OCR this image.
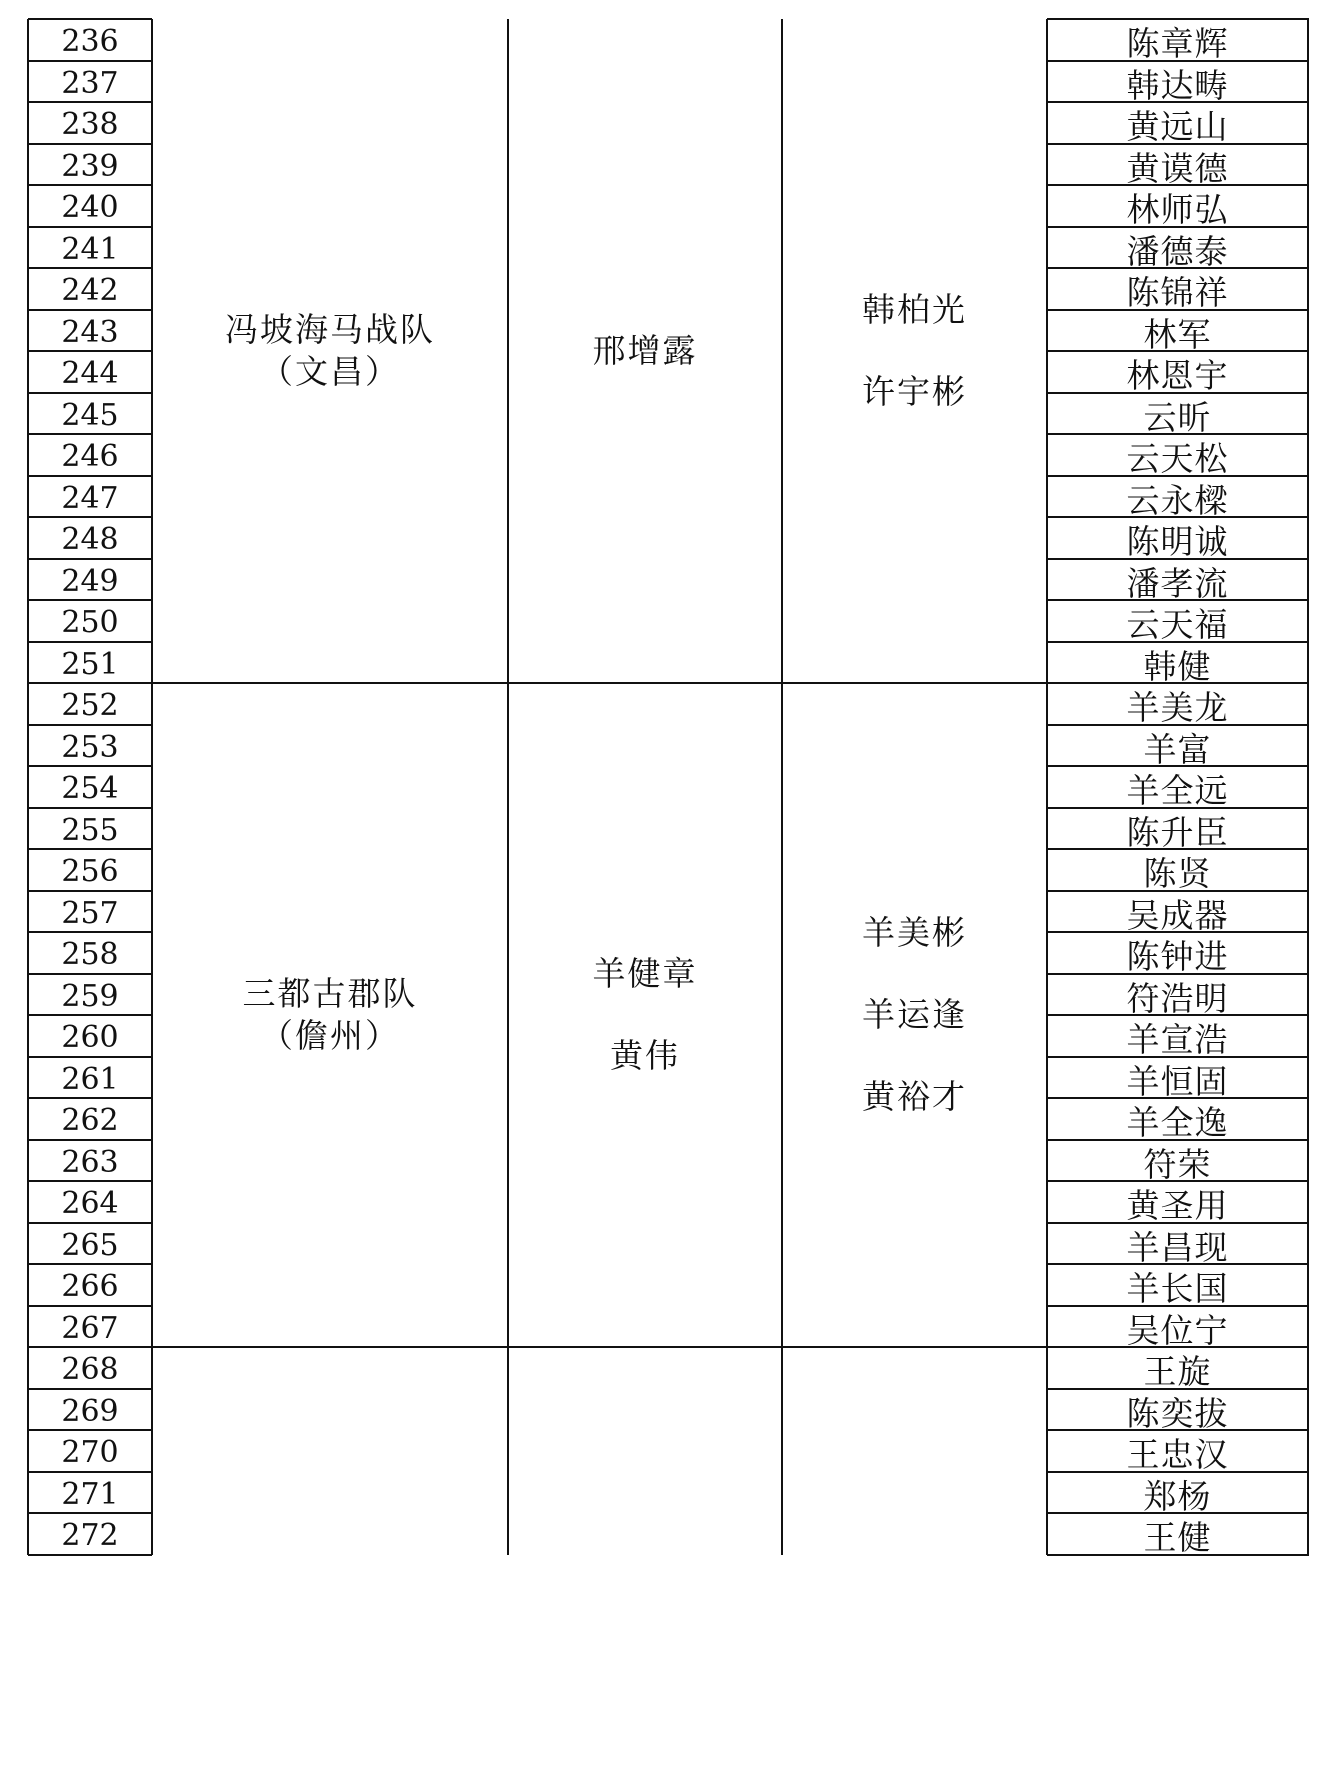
236
237
238
239
240
241
242
243
244
245
246
247
248
249
250
251
252
253
254
255
256
257
258
259
260
261
262
263
264
265
266
267
268
269
270
271
272
陈章辉
韩达畴
黄远山
黄谟德
林师弘
潘德泰
陈锦祥
林军
林恩宇
云昕
云天松
云永樑
陈明诚
潘孝流
云天福
韩健
羊美龙
羊富
羊全远
陈升臣
陈贤
吴成器
陈钟进
符浩明
羊宣浩
羊恒固
羊全逸
符荣
黄圣用
羊昌现
羊长国
吴位宁
王旋
陈奕拔
王忠汉
郑杨
王健
冯坡海马战队
（文昌）
邢增露
韩柏光
许宇彬
三都古郡队
（儋州）
羊健章
黄伟
羊美彬
羊运逢
黄裕才
